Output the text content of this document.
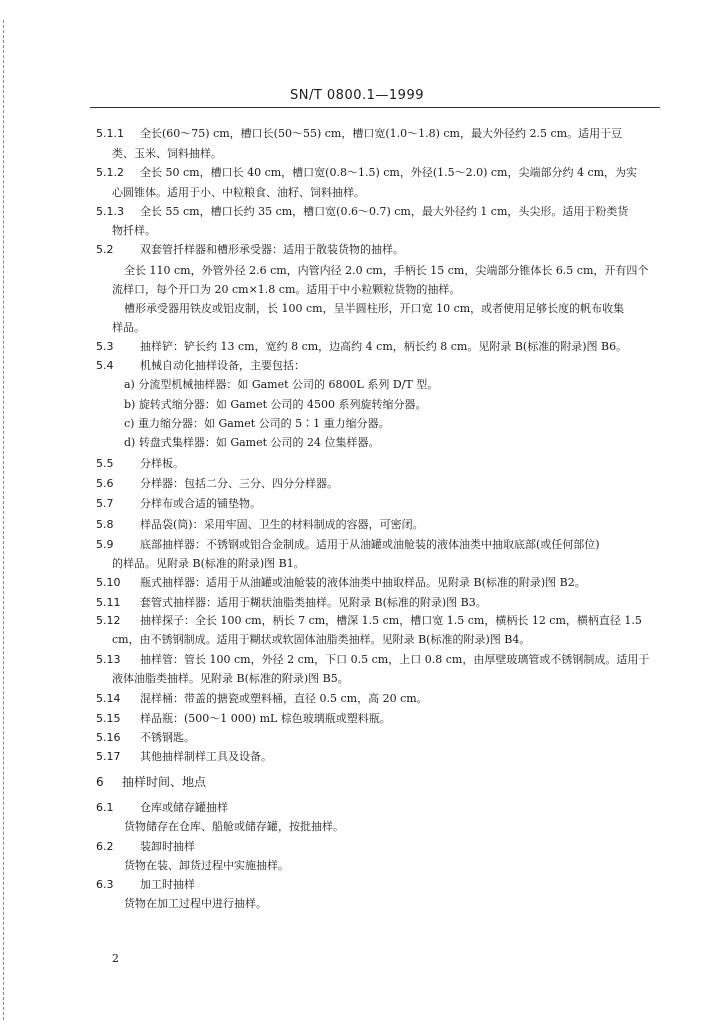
SN/T 0800.1—1999
5.1.1 全长(60～75) cm，槽口长(50～55) cm，槽口宽(1.0～1.8) cm，最大外径约 2.5 cm。适用于豆
类、玉米、饲料抽样。
5.1.2 全长 50 cm，槽口长 40 cm，槽口宽(0.8～1.5) cm，外径(1.5～2.0) cm，尖端部分约 4 cm，为实
心圆锥体。适用于小、中粒粮食、油籽、饲料抽样。
5.1.3 全长 55 cm，槽口长约 35 cm，槽口宽(0.6～0.7) cm，最大外径约 1 cm，头尖形。适用于粉类货
物扦样。
5.2 双套管扦样器和槽形承受器：适用于散装货物的抽样。
全长 110 cm，外管外径 2.6 cm，内管内径 2.0 cm，手柄长 15 cm，尖端部分锥体长 6.5 cm，开有四个
流样口，每个开口为 20 cm×1.8 cm。适用于中小粒颗粒货物的抽样。
槽形承受器用铁皮或铝皮制，长 100 cm，呈半圆柱形，开口宽 10 cm，或者使用足够长度的帆布收集
样品。
5.3 抽样铲：铲长约 13 cm，宽约 8 cm，边高约 4 cm，柄长约 8 cm。见附录 B(标准的附录)图 B6。
5.4 机械自动化抽样设备，主要包括：
a) 分流型机械抽样器：如 Gamet 公司的 6800L 系列 D/T 型。
b) 旋转式缩分器：如 Gamet 公司的 4500 系列旋转缩分器。
c) 重力缩分器：如 Gamet 公司的 5∶1 重力缩分器。
d) 转盘式集样器：如 Gamet 公司的 24 位集样器。
5.5 分样板。
5.6 分样器：包括二分、三分、四分分样器。
5.7 分样布或合适的铺垫物。
5.8 样品袋(筒)：采用牢固、卫生的材料制成的容器，可密闭。
5.9 底部抽样器：不锈钢或铝合金制成。适用于从油罐或油舱装的液体油类中抽取底部(或任何部位)
的样品。见附录 B(标准的附录)图 B1。
5.10 瓶式抽样器：适用于从油罐或油舱装的液体油类中抽取样品。见附录 B(标准的附录)图 B2。
5.11 套管式抽样器：适用于糊状油脂类抽样。见附录 B(标准的附录)图 B3。
5.12 抽样探子：全长 100 cm，柄长 7 cm，槽深 1.5 cm，槽口宽 1.5 cm，横柄长 12 cm，横柄直径 1.5
cm，由不锈钢制成。适用于糊状或软固体油脂类抽样。见附录 B(标准的附录)图 B4。
5.13 抽样管：管长 100 cm，外径 2 cm，下口 0.5 cm，上口 0.8 cm，由厚壁玻璃管或不锈钢制成。适用于
液体油脂类抽样。见附录 B(标准的附录)图 B5。
5.14 混样桶：带盖的搪瓷或塑料桶，直径 0.5 cm，高 20 cm。
5.15 样品瓶：(500～1 000) mL 棕色玻璃瓶或塑料瓶。
5.16 不锈钢匙。
5.17 其他抽样制样工具及设备。
6 抽样时间、地点
6.1 仓库或储存罐抽样
货物储存在仓库、船舱或储存罐，按批抽样。
6.2 装卸时抽样
货物在装、卸货过程中实施抽样。
6.3 加工时抽样
货物在加工过程中进行抽样。
2
